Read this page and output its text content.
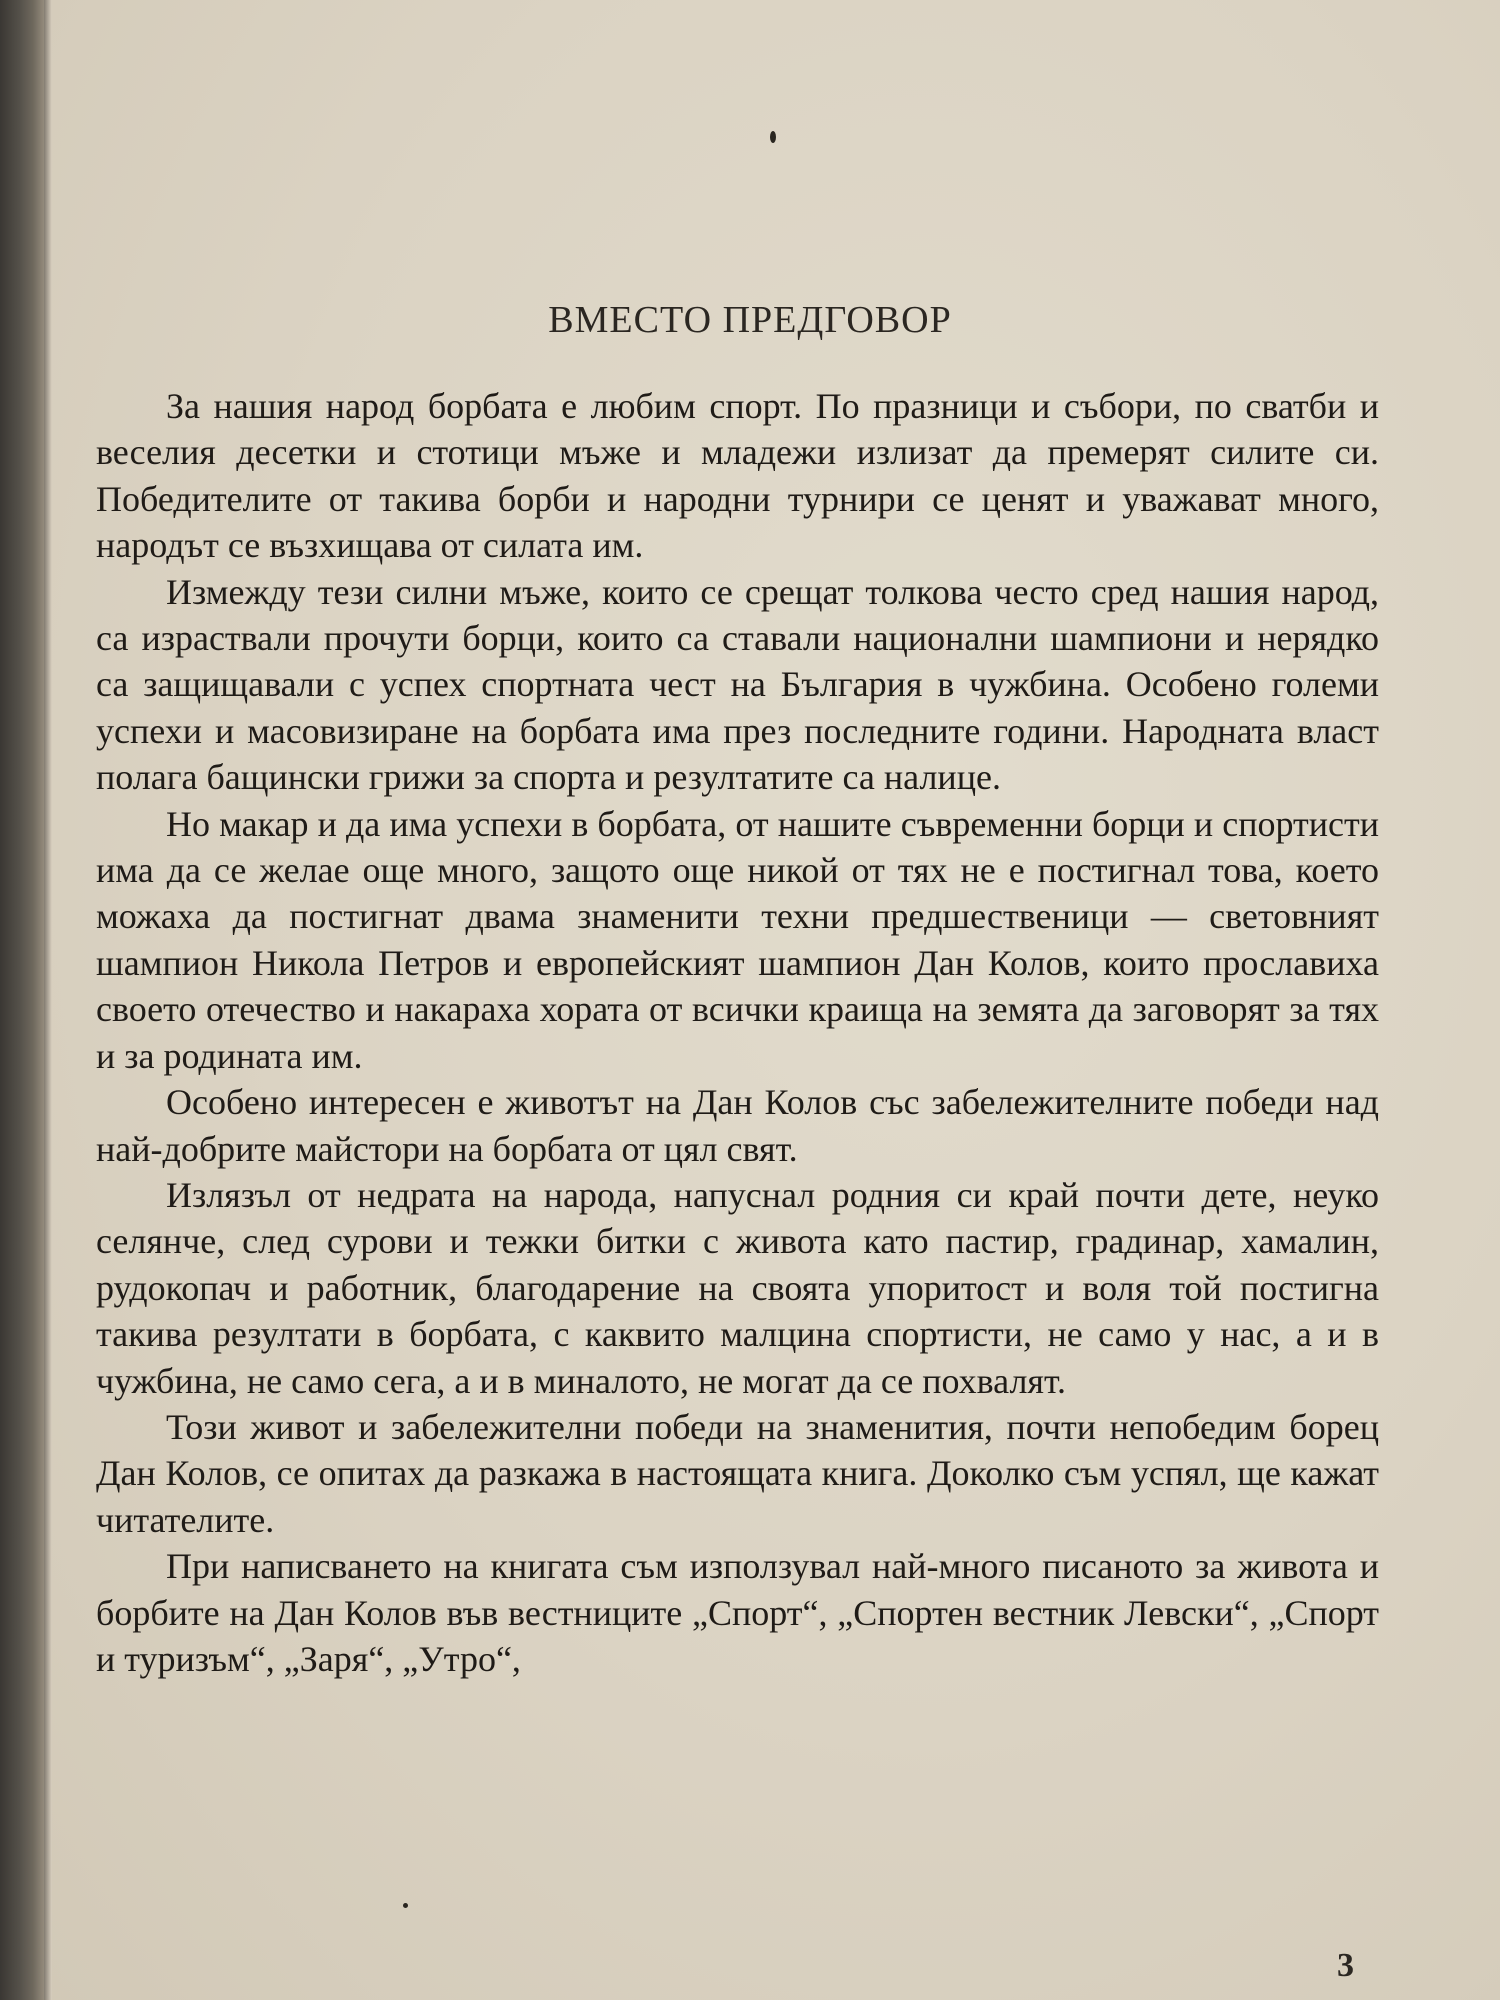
ВМЕСТО ПРЕДГОВОР

За нашия народ борбата е любим спорт. По празници и събори, по сватби и веселия десетки и стотици мъже и младежи излизат да премерят силите си. Победителите от такива борби и народни турнири се ценят и уважават много, народът се възхищава от силата им.

Измежду тези силни мъже, които се срещат толкова често сред нашия народ, са израствали прочути борци, които са ставали национални шампиони и нерядко са защищавали с успех спортната чест на България в чужбина. Особено големи успехи и масовизиране на борбата има през последните години. Народната власт полага бащински грижи за спорта и резултатите са налице.

Но макар и да има успехи в борбата, от нашите съвременни борци и спортисти има да се желае още много, защото още никой от тях не е постигнал това, което можаха да постигнат двама знаменити техни предшественици — световният шампион Никола Петров и европейският шампион Дан Колов, които прославиха своето отечество и накараха хората от всички краища на земята да заговорят за тях и за родината им.

Особено интересен е животът на Дан Колов със забележителните победи над най-добрите майстори на борбата от цял свят.

Излязъл от недрата на народа, напуснал родния си край почти дете, неуко селянче, след сурови и тежки битки с живота като пастир, градинар, хамалин, рудокопач и работник, благодарение на своята упоритост и воля той постигна такива резултати в борбата, с каквито малцина спортисти, не само у нас, а и в чужбина, не само сега, а и в миналото, не могат да се похвалят.

Този живот и забележителни победи на знаменития, почти непобедим борец Дан Колов, се опитах да разкажа в настоящата книга. Доколко съм успял, ще кажат читателите.

При написването на книгата съм използувал най-много писаното за живота и борбите на Дан Колов във вестниците „Спорт“, „Спортен вестник Левски“, „Спорт и туризъм“, „Заря“, „Утро“,

3
